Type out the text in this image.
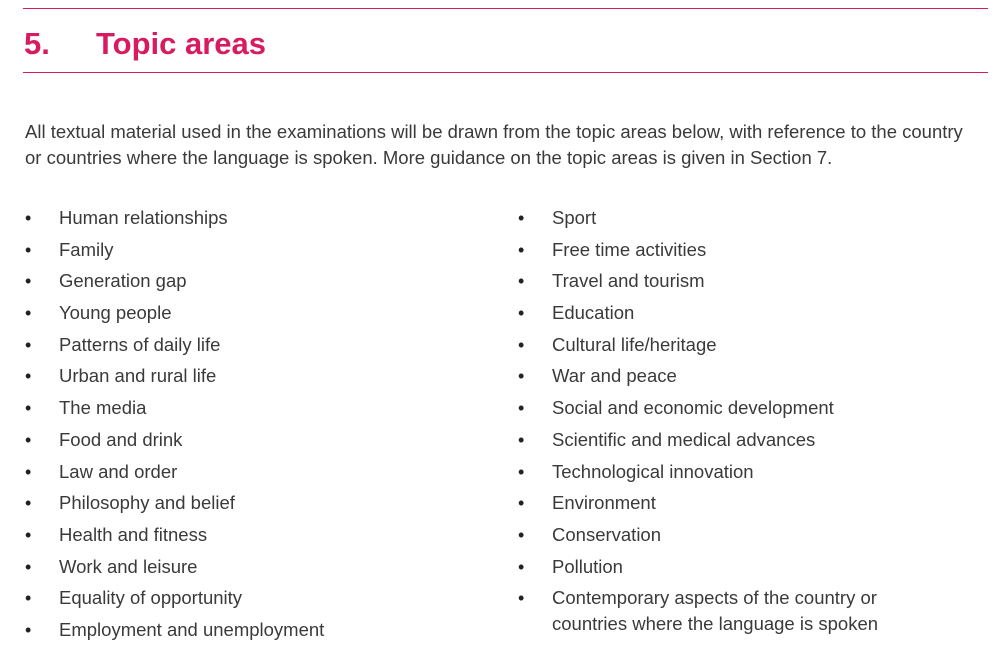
5. Topic areas

All textual material used in the examinations will be drawn from the topic areas below, with reference to the country or countries where the language is spoken. More guidance on the topic areas is given in Section 7.

•	Human relationships
•	Family
•	Generation gap
•	Young people
•	Patterns of daily life
•	Urban and rural life
•	The media
•	Food and drink
•	Law and order
•	Philosophy and belief
•	Health and fitness
•	Work and leisure
•	Equality of opportunity
•	Employment and unemployment
•	Sport
•	Free time activities
•	Travel and tourism
•	Education
•	Cultural life/heritage
•	War and peace
•	Social and economic development
•	Scientific and medical advances
•	Technological innovation
•	Environment
•	Conservation
•	Pollution
•	Contemporary aspects of the country or countries where the language is spoken
